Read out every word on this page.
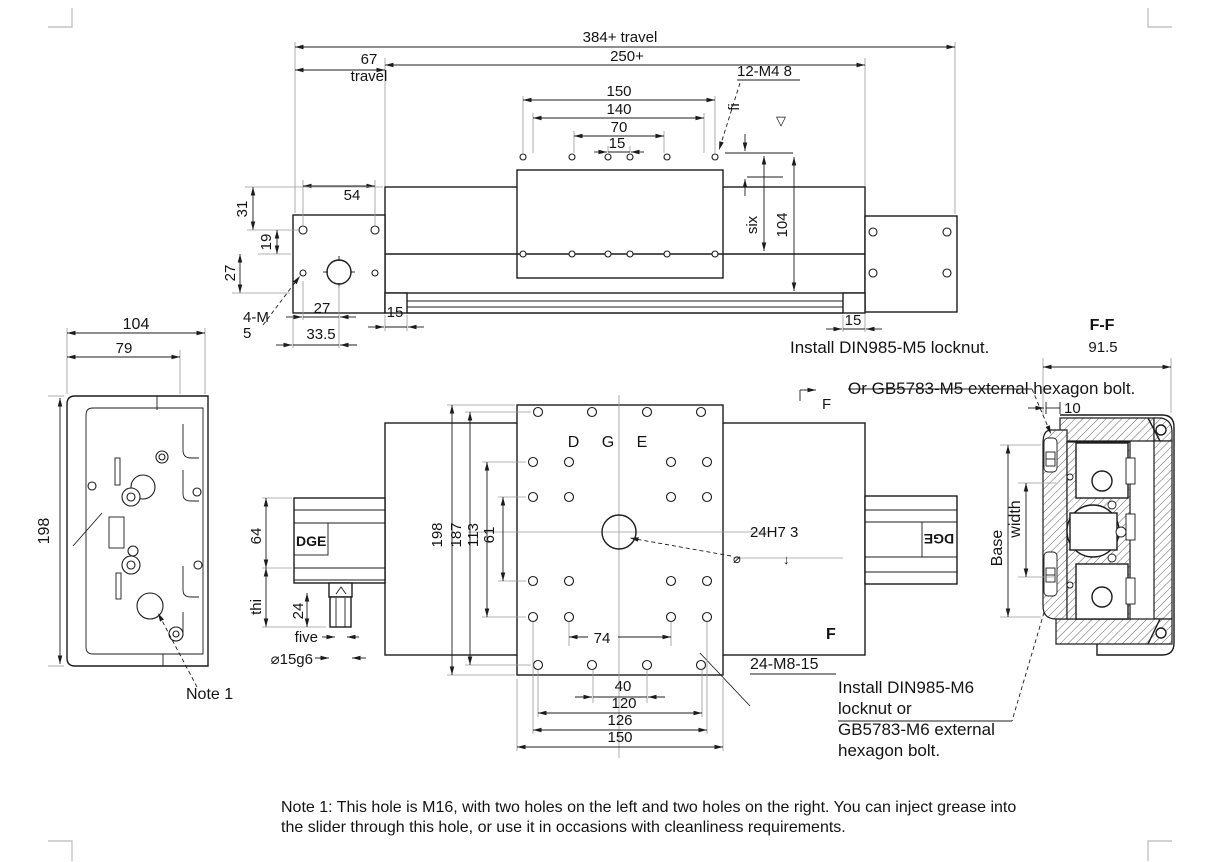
384+ travel
250+
67
travel	12-M4 8
150
140
70
15
fi
▽
54
31
19
27
4-M
5
27
33.5
15	15
six 104
Install DIN985-M5 locknut.
104
79
198
Note 1
DGE	DGE
D G E
198 187 113 61
64
thi 24
five
⌀15g6
74
40
120
126
150
24H7 3
⌀	↓
24-M8-15
F
F
Install DIN985-M6
locknut or
GB5783-M6 external
hexagon bolt.
F-F
91.5
10
Base
width
Or GB5783-M5 external hexagon bolt.
Note 1: This hole is M16, with two holes on the left and two holes on the right. You can inject grease into
the slider through this hole, or use it in occasions with cleanliness requirements.
